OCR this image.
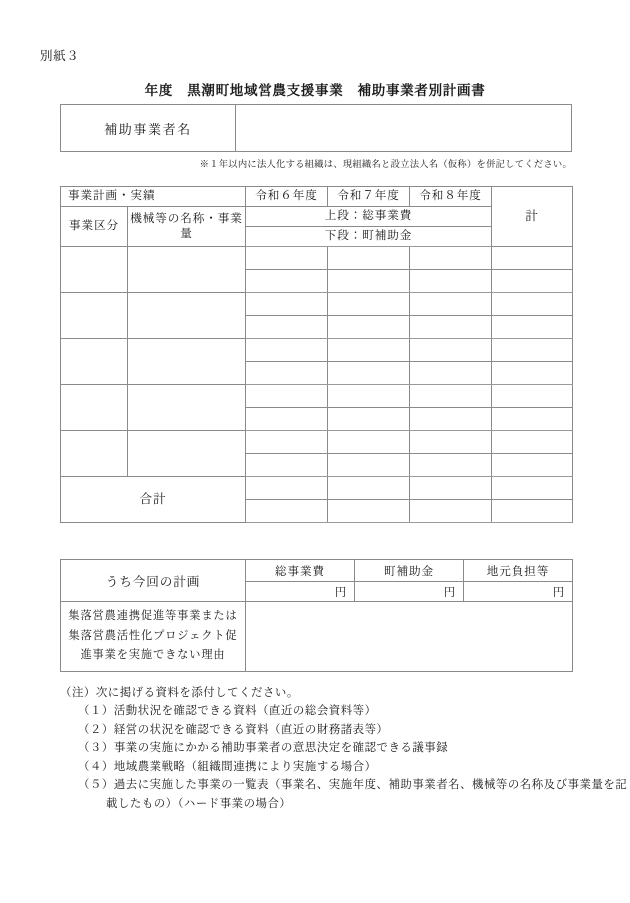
別紙３
年度　黒潮町地域営農支援事業　補助事業者別計画書
補助事業者名
※１年以内に法人化する組織は、現組織名と設立法人名（仮称）を併記してください。
事業計画・実績		令和６年度	令和７年度	令和８年度	計
事業区分	機械等の名称・事業量	上段：総事業費			
		下段：町補助金			

合計					

うち今回の計画	総事業費	町補助金	地元負担等
	円	円	円
集落営農連携促進等事業または集落営農活性化プロジェクト促進事業を実施できない理由			
（注）次に掲げる資料を添付してください。
（１）活動状況を確認できる資料（直近の総会資料等）
（２）経営の状況を確認できる資料（直近の財務諸表等）
（３）事業の実施にかかる補助事業者の意思決定を確認できる議事録
（４）地域農業戦略（組織間連携により実施する場合）
（５）過去に実施した事業の一覧表（事業名、実施年度、補助事業者名、機械等の名称及び事業量を記
載したもの）（ハード事業の場合）
